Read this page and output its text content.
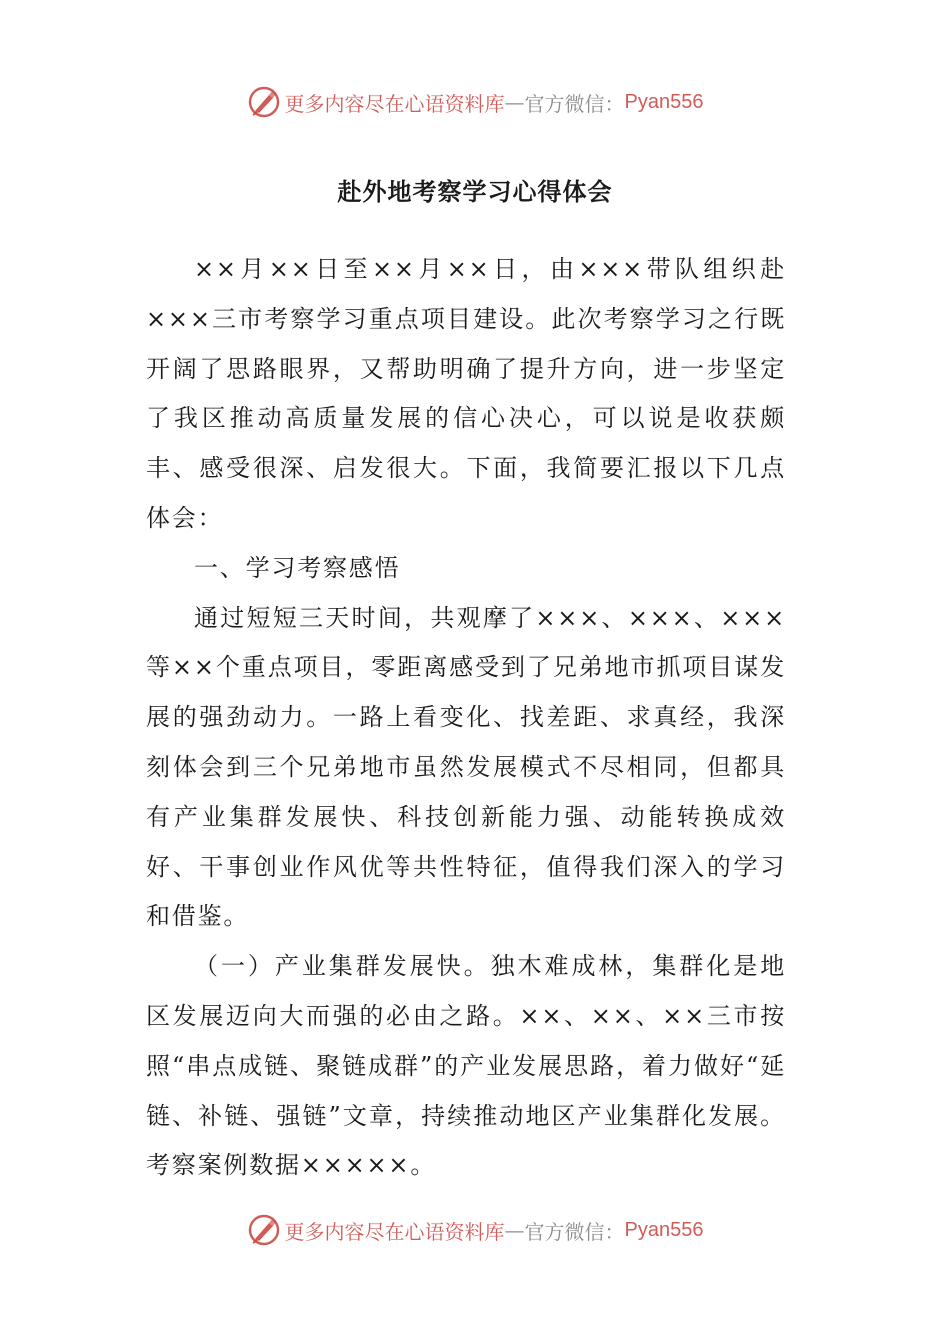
更多内容尽在心语资料库 — 官方微信： Pyan556
赴外地考察学习心得体会

××月××日至××月××日，由×××带队组织赴×××三市考察学习重点项目建设。此次考察学习之行既开阔了思路眼界，又帮助明确了提升方向，进一步坚定了我区推动高质量发展的信心决心，可以说是收获颇丰、感受很深、启发很大。下面，我简要汇报以下几点体会：

一、学习考察感悟

通过短短三天时间，共观摩了×××、×××、×××等××个重点项目，零距离感受到了兄弟地市抓项目谋发展的强劲动力。一路上看变化、找差距、求真经，我深刻体会到三个兄弟地市虽然发展模式不尽相同，但都具有产业集群发展快、科技创新能力强、动能转换成效好、干事创业作风优等共性特征，值得我们深入的学习和借鉴。

（一）产业集群发展快。独木难成林，集群化是地区发展迈向大而强的必由之路。××、××、××三市按照“串点成链、聚链成群”的产业发展思路，着力做好“延链、补链、强链”文章，持续推动地区产业集群化发展。考察案例数据×××××。

更多内容尽在心语资料库 — 官方微信： Pyan556
